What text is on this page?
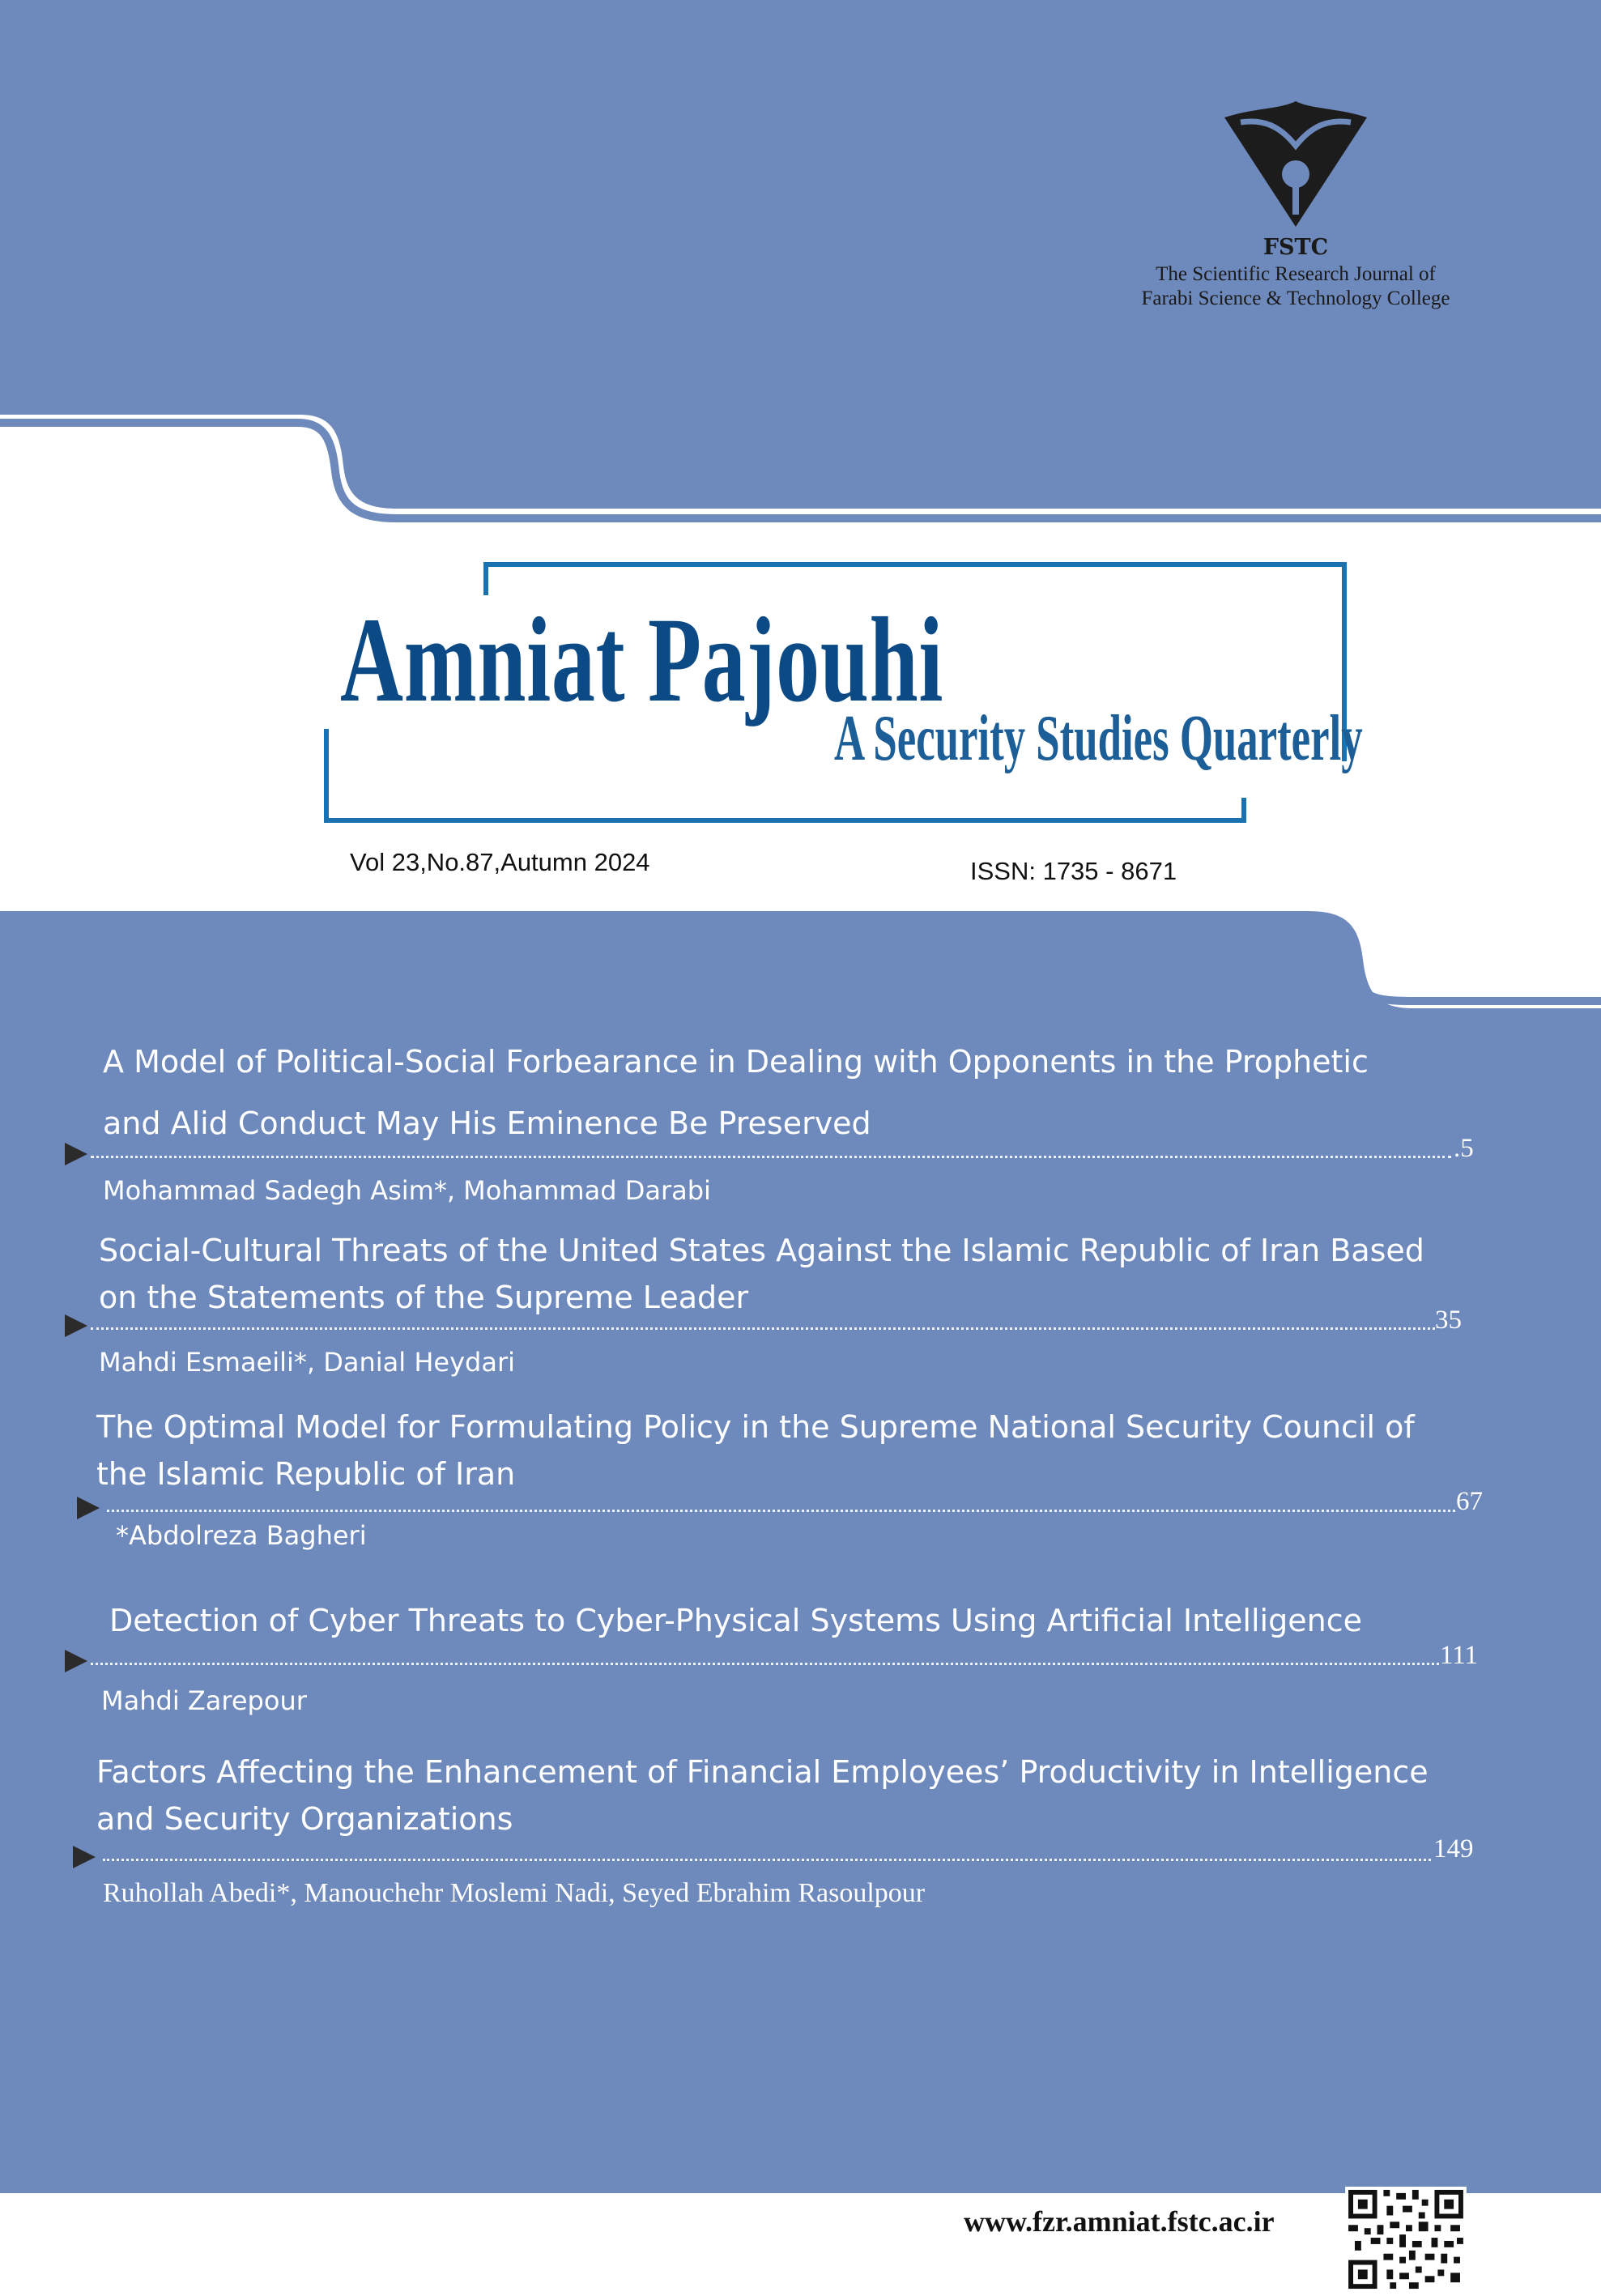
FSTC
The Scientific Research Journal of
Farabi Science & Technology College
Amniat Pajouhi
A Security Studies Quarterly
Vol 23,No.87,Autumn 2024	ISSN: 1735 - 8671
A Model of Political-Social Forbearance in Dealing with Opponents in the Prophetic
and Alid Conduct May His Eminence Be Preserved
.5
Mohammad Sadegh Asim*, Mohammad Darabi
Social-Cultural Threats of the United States Against the Islamic Republic of Iran Based
on the Statements of the Supreme Leader
35
Mahdi Esmaeili*, Danial Heydari
The Optimal Model for Formulating Policy in the Supreme National Security Council of
the Islamic Republic of Iran
67
*Abdolreza Bagheri
Detection of Cyber Threats to Cyber-Physical Systems Using Artificial Intelligence
111
Mahdi Zarepour
Factors Affecting the Enhancement of Financial Employees’ Productivity in Intelligence
and Security Organizations
149
Ruhollah Abedi*, Manouchehr Moslemi Nadi, Seyed Ebrahim Rasoulpour
www.fzr.amniat.fstc.ac.ir
